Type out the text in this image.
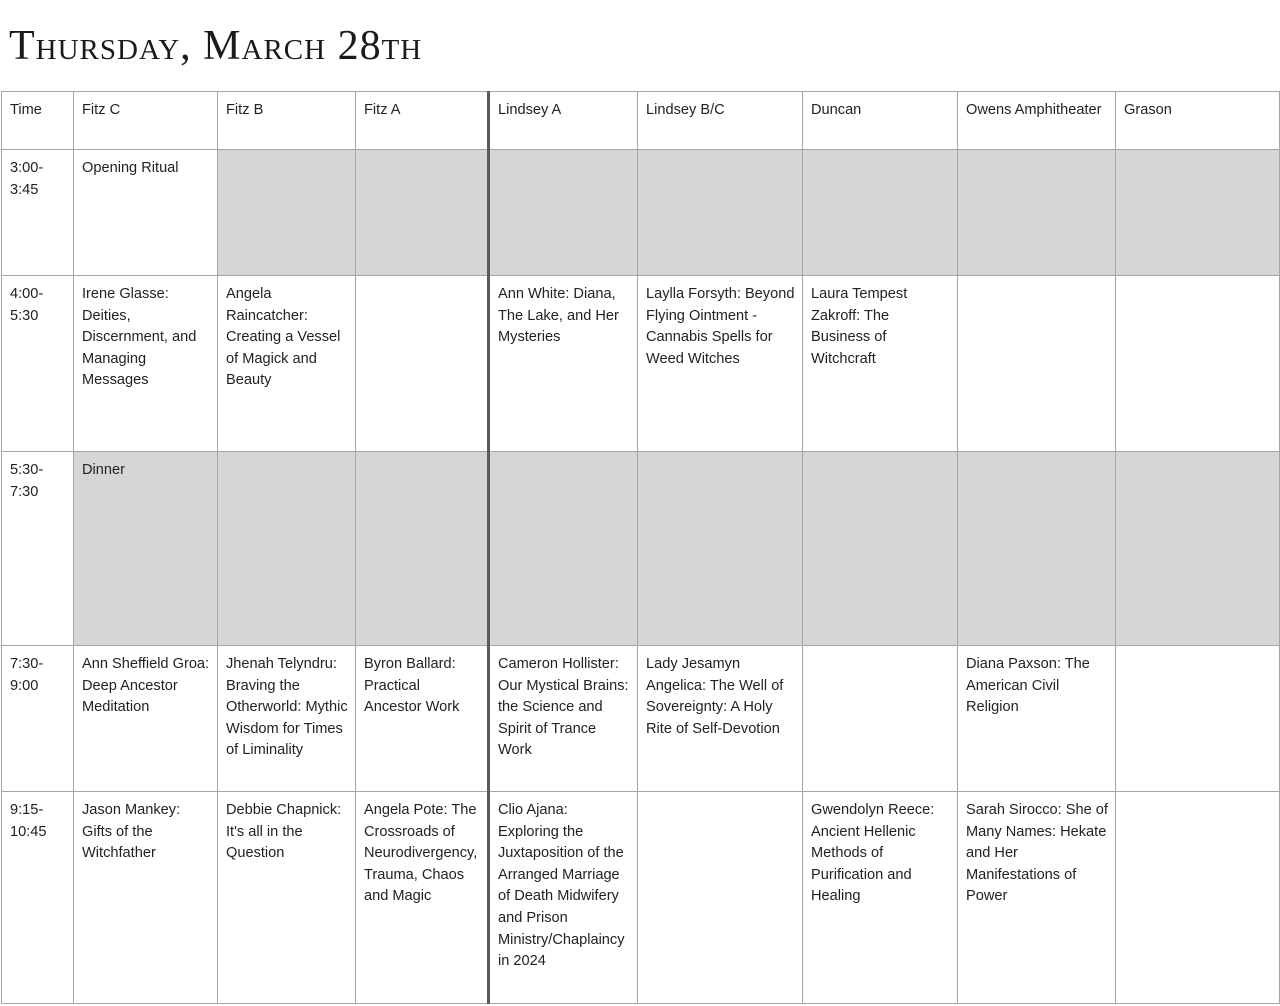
Thursday, March 28th
Time	Fitz C	Fitz B	Fitz A	Lindsey A	Lindsey B/C	Duncan	Owens Amphitheater	Grason
3:00-3:45	Opening Ritual							
4:00-5:30	Irene Glasse: Deities, Discernment, and Managing Messages	Angela Raincatcher: Creating a Vessel of Magick and Beauty		Ann White: Diana, The Lake, and Her Mysteries	Laylla Forsyth: Beyond Flying Ointment - Cannabis Spells for Weed Witches	Laura Tempest Zakroff: The Business of Witchcraft		
5:30-7:30	Dinner							
7:30-9:00	Ann Sheffield Groa: Deep Ancestor Meditation	Jhenah Telyndru: Braving the Otherworld: Mythic Wisdom for Times of Liminality	Byron Ballard: Practical Ancestor Work	Cameron Hollister: Our Mystical Brains: the Science and Spirit of Trance Work	Lady Jesamyn Angelica: The Well of Sovereignty: A Holy Rite of Self-Devotion		Diana Paxson: The American Civil Religion	
9:15-10:45	Jason Mankey: Gifts of the Witchfather	Debbie Chapnick: It's all in the Question	Angela Pote: The Crossroads of Neurodivergency, Trauma, Chaos and Magic	Clio Ajana: Exploring the Juxtaposition of the Arranged Marriage of Death Midwifery and Prison Ministry/Chaplaincy in 2024		Gwendolyn Reece: Ancient Hellenic Methods of Purification and Healing	Sarah Sirocco: She of Many Names: Hekate and Her Manifestations of Power	
